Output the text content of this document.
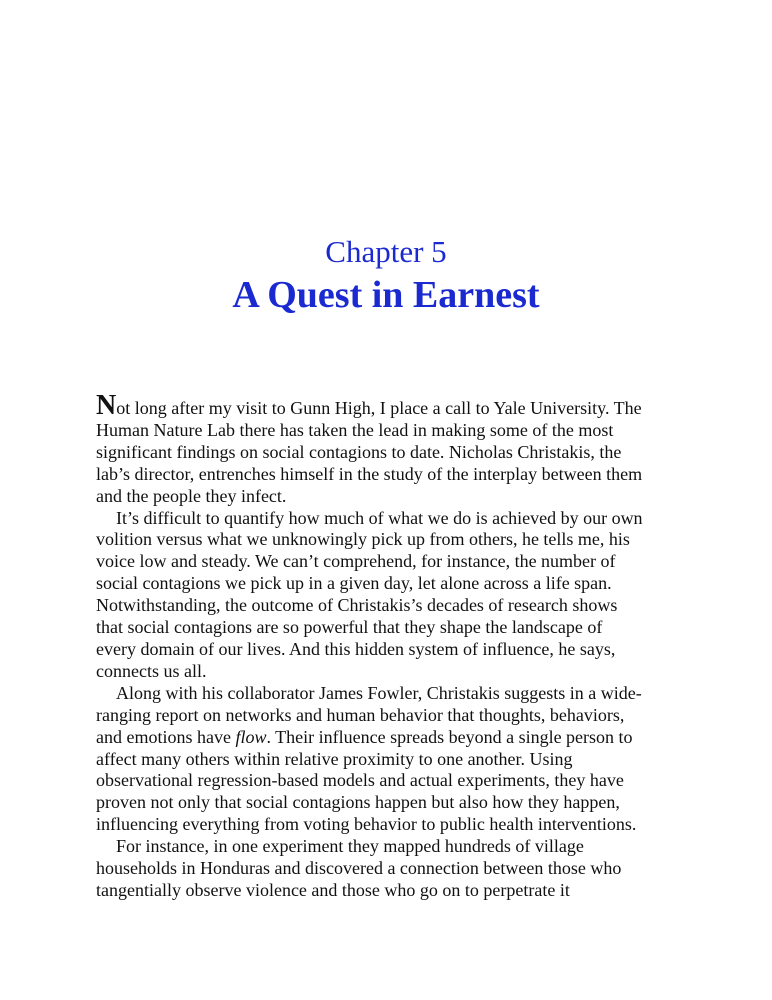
Chapter 5
A Quest in Earnest
Not long after my visit to Gunn High, I place a call to Yale University. The
Human Nature Lab there has taken the lead in making some of the most
significant findings on social contagions to date. Nicholas Christakis, the
lab’s director, entrenches himself in the study of the interplay between them
and the people they infect.
It’s difficult to quantify how much of what we do is achieved by our own
volition versus what we unknowingly pick up from others, he tells me, his
voice low and steady. We can’t comprehend, for instance, the number of
social contagions we pick up in a given day, let alone across a life span.
Notwithstanding, the outcome of Christakis’s decades of research shows
that social contagions are so powerful that they shape the landscape of
every domain of our lives. And this hidden system of influence, he says,
connects us all.
Along with his collaborator James Fowler, Christakis suggests in a wide-
ranging report on networks and human behavior that thoughts, behaviors,
and emotions have flow. Their influence spreads beyond a single person to
affect many others within relative proximity to one another. Using
observational regression-based models and actual experiments, they have
proven not only that social contagions happen but also how they happen,
influencing everything from voting behavior to public health interventions.
For instance, in one experiment they mapped hundreds of village
households in Honduras and discovered a connection between those who
tangentially observe violence and those who go on to perpetrate it
